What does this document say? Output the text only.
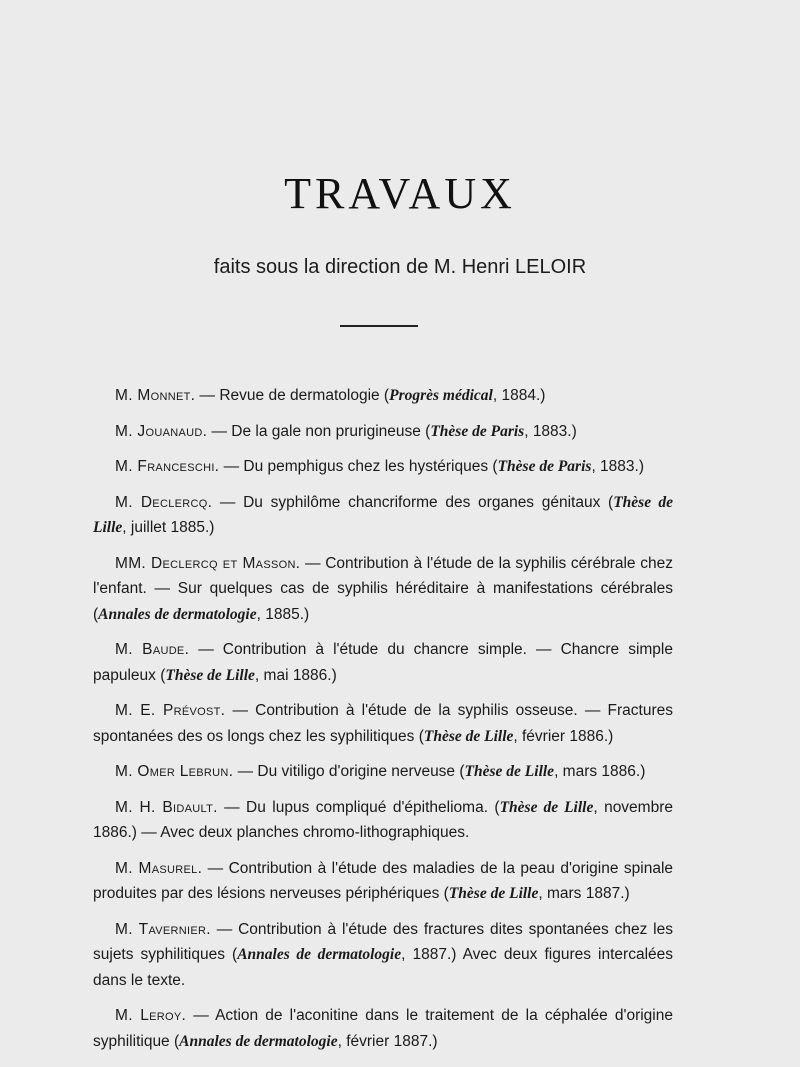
TRAVAUX
faits sous la direction de M. Henri LELOIR

M. Monnet. — Revue de dermatologie (Progrès médical, 1884.)

M. Jouanaud. — De la gale non prurigineuse (Thèse de Paris, 1883.)

M. Franceschi. — Du pemphigus chez les hystériques (Thèse de Paris, 1883.)

M. Declercq. — Du syphilôme chancriforme des organes génitaux (Thèse de Lille, juillet 1885.)

MM. Declercq et Masson. — Contribution à l'étude de la syphilis cérébrale chez l'enfant. — Sur quelques cas de syphilis héréditaire à manifestations cérébrales (Annales de dermatologie, 1885.)

M. Baude. — Contribution à l'étude du chancre simple. — Chancre simple papuleux (Thèse de Lille, mai 1886.)

M. E. Prévost. — Contribution à l'étude de la syphilis osseuse. — Fractures spontanées des os longs chez les syphilitiques (Thèse de Lille, février 1886.)

M. Omer Lebrun. — Du vitiligo d'origine nerveuse (Thèse de Lille, mars 1886.)

M. H. Bidault. — Du lupus compliqué d'épithelioma. (Thèse de Lille, novembre 1886.) — Avec deux planches chromo-lithographiques.

M. Masurel. — Contribution à l'étude des maladies de la peau d'origine spinale produites par des lésions nerveuses périphériques (Thèse de Lille, mars 1887.)

M. Tavernier. — Contribution à l'étude des fractures dites spontanées chez les sujets syphilitiques (Annales de dermatologie, 1887.) Avec deux figures intercalées dans le texte.

M. Leroy. — Action de l'aconitine dans le traitement de la céphalée d'origine syphilitique (Annales de dermatologie, février 1887.)
